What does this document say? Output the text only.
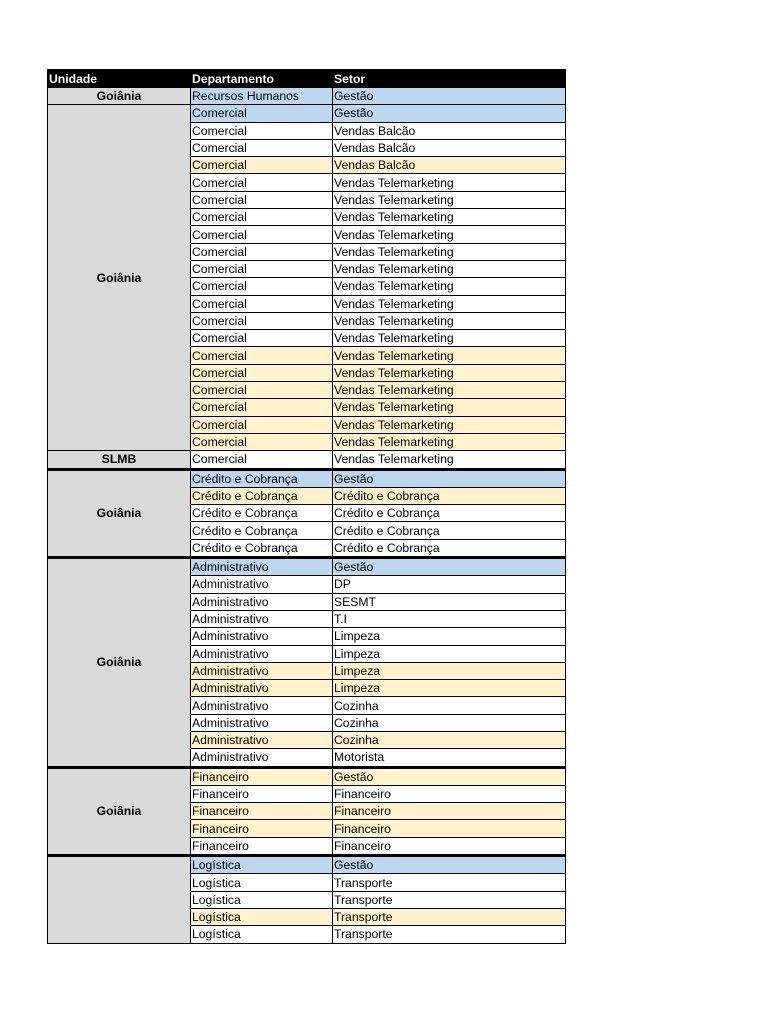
Unidade	Departamento	Setor
Goiânia	Recursos Humanos	Gestão
Goiânia	Comercial	Gestão
	Comercial	Vendas Balcão
	Comercial	Vendas Balcão
	Comercial	Vendas Balcão
	Comercial	Vendas Telemarketing
	Comercial	Vendas Telemarketing
	Comercial	Vendas Telemarketing
	Comercial	Vendas Telemarketing
	Comercial	Vendas Telemarketing
	Comercial	Vendas Telemarketing
	Comercial	Vendas Telemarketing
	Comercial	Vendas Telemarketing
	Comercial	Vendas Telemarketing
	Comercial	Vendas Telemarketing
	Comercial	Vendas Telemarketing
	Comercial	Vendas Telemarketing
	Comercial	Vendas Telemarketing
	Comercial	Vendas Telemarketing
	Comercial	Vendas Telemarketing
	Comercial	Vendas Telemarketing
SLMB	Comercial	Vendas Telemarketing
Goiânia	Crédito e Cobrança	Gestão
	Crédito e Cobrança	Crédito e Cobrança
	Crédito e Cobrança	Crédito e Cobrança
	Crédito e Cobrança	Crédito e Cobrança
	Crédito e Cobrança	Crédito e Cobrança
Goiânia	Administrativo	Gestão
	Administrativo	DP
	Administrativo	SESMT
	Administrativo	T.I
	Administrativo	Limpeza
	Administrativo	Limpeza
	Administrativo	Limpeza
	Administrativo	Limpeza
	Administrativo	Cozinha
	Administrativo	Cozinha
	Administrativo	Cozinha
	Administrativo	Motorista
Goiânia	Financeiro	Gestão
	Financeiro	Financeiro
	Financeiro	Financeiro
	Financeiro	Financeiro
	Financeiro	Financeiro
	Logística	Gestão
	Logística	Transporte
	Logística	Transporte
	Logística	Transporte
	Logística	Transporte
